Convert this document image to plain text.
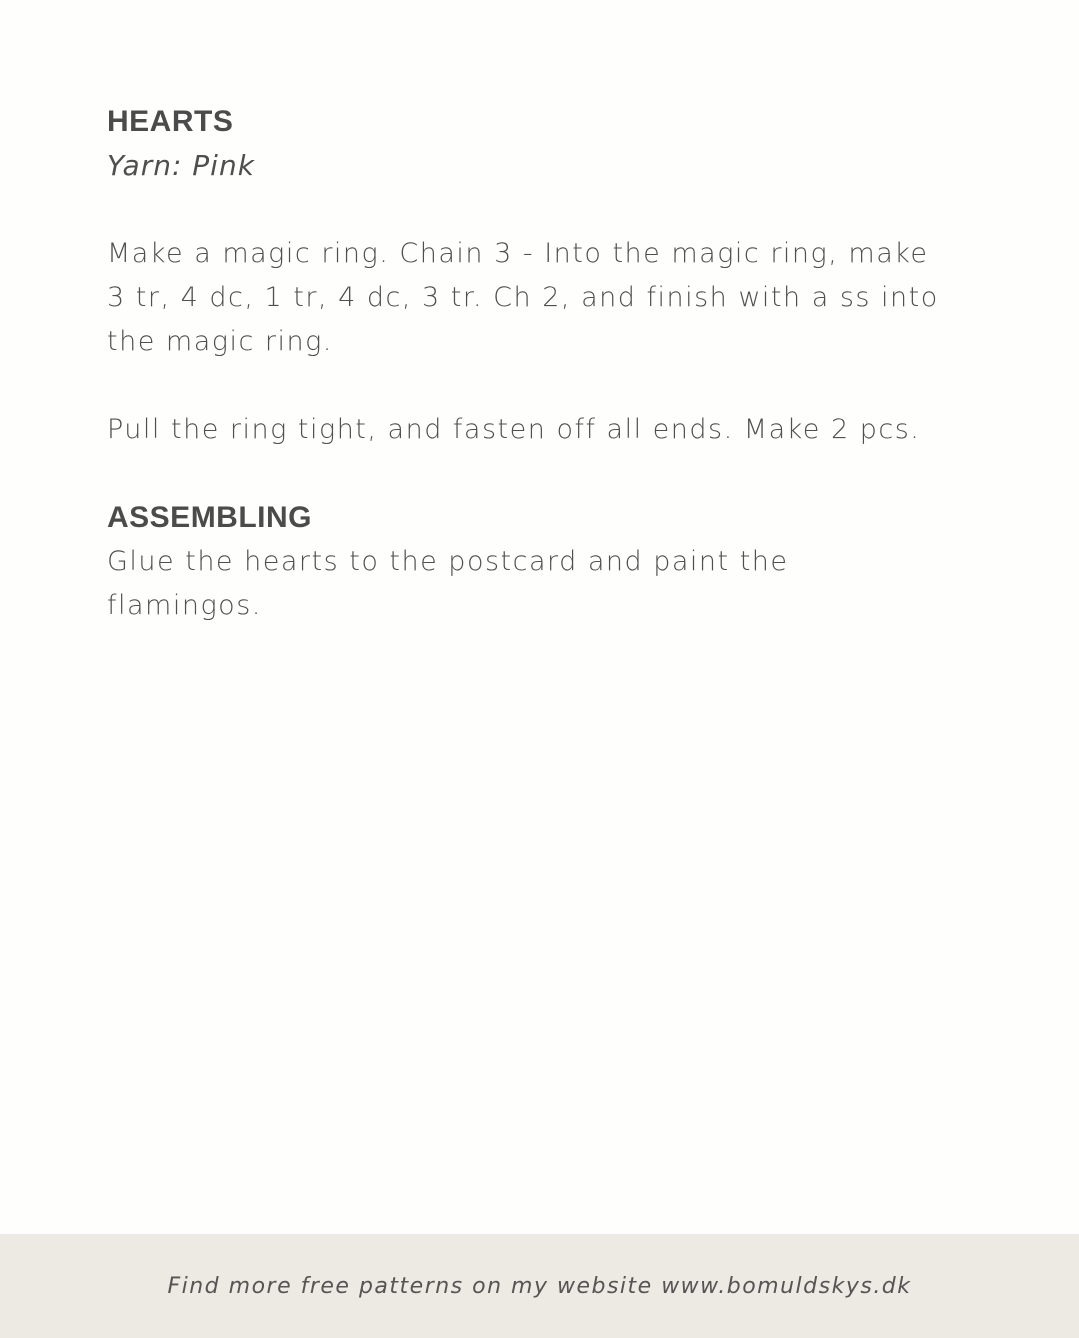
HEARTS

Yarn: Pink

Make a magic ring. Chain 3 - Into the magic ring, make

3 tr, 4 dc, 1 tr, 4 dc, 3 tr. Ch 2, and finish with a ss into

the magic ring.

Pull the ring tight, and fasten off all ends. Make 2 pcs.

ASSEMBLING

Glue the hearts to the postcard and paint the

flamingos.

Find more free patterns on my website www.bomuldskys.dk
